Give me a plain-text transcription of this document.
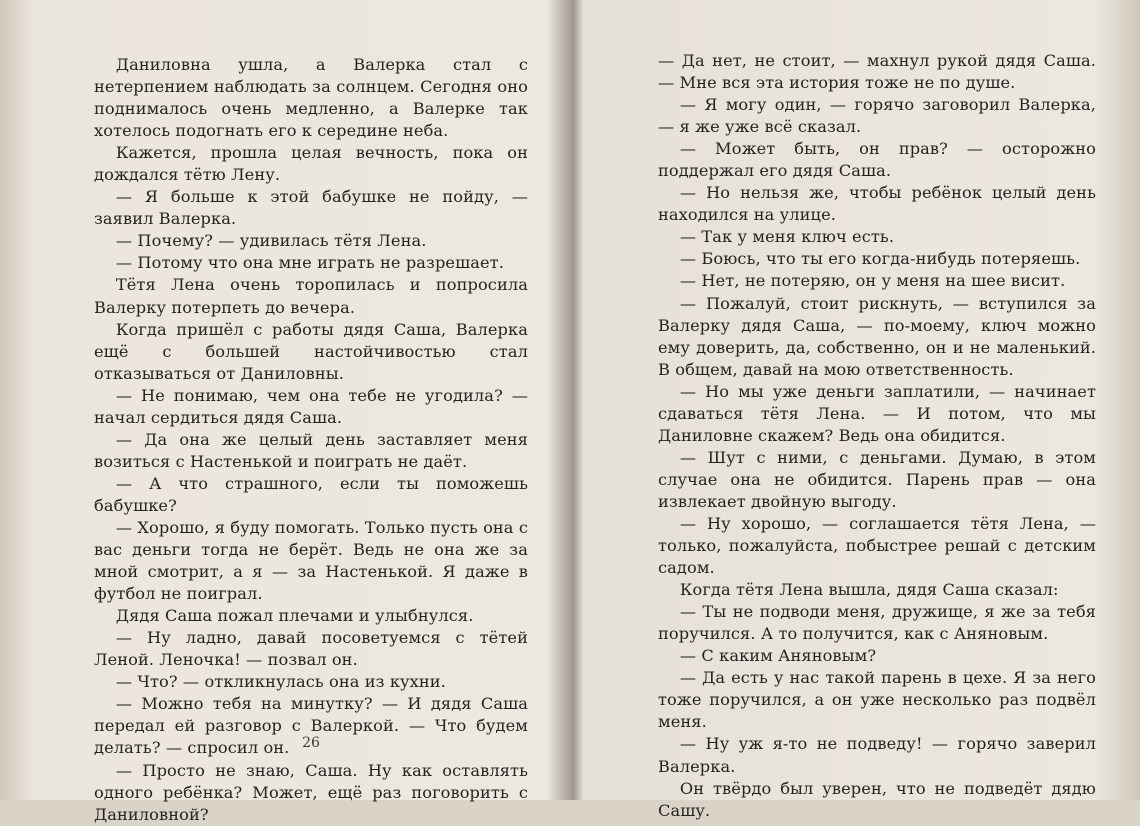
Даниловна ушла, а Валерка стал с нетерпением наблюдать за солнцем. Сегодня оно поднималось очень медленно, а Валерке так хотелось подогнать его к середине неба.

Кажется, прошла целая вечность, пока он дождался тётю Лену.

— Я больше к этой бабушке не пойду, — заявил Валерка.

— Почему? — удивилась тётя Лена.

— Потому что она мне играть не разрешает.

Тётя Лена очень торопилась и попросила Валерку потерпеть до вечера.

Когда пришёл с работы дядя Саша, Валерка ещё с большей настойчивостью стал отказываться от Даниловны.

— Не понимаю, чем она тебе не угодила? — начал сердиться дядя Саша.

— Да она же целый день заставляет меня возиться с Настенькой и поиграть не даёт.

— А что страшного, если ты поможешь бабушке?

— Хорошо, я буду помогать. Только пусть она с вас деньги тогда не берёт. Ведь не она же за мной смотрит, а я — за Настенькой. Я даже в футбол не поиграл.

Дядя Саша пожал плечами и улыбнулся.

— Ну ладно, давай посоветуемся с тётей Леной. Леночка! — позвал он.

— Что? — откликнулась она из кухни.

— Можно тебя на минутку? — И дядя Саша передал ей разговор с Валеркой. — Что будем делать? — спросил он.

— Просто не знаю, Саша. Ну как оставлять одного ребёнка? Может, ещё раз поговорить с Даниловной?

26

— Да нет, не стоит, — махнул рукой дядя Саша. — Мне вся эта история тоже не по душе.

— Я могу один, — горячо заговорил Валерка, — я же уже всё сказал.

— Может быть, он прав? — осторожно поддержал его дядя Саша.

— Но нельзя же, чтобы ребёнок целый день находился на улице.

— Так у меня ключ есть.

— Боюсь, что ты его когда-нибудь потеряешь.

— Нет, не потеряю, он у меня на шее висит.

— Пожалуй, стоит рискнуть, — вступился за Валерку дядя Саша, — по-моему, ключ можно ему доверить, да, собственно, он и не маленький. В общем, давай на мою ответственность.

— Но мы уже деньги заплатили, — начинает сдаваться тётя Лена. — И потом, что мы Даниловне скажем? Ведь она обидится.

— Шут с ними, с деньгами. Думаю, в этом случае она не обидится. Парень прав — она извлекает двойную выгоду.

— Ну хорошо, — соглашается тётя Лена, — только, пожалуйста, побыстрее решай с детским садом.

Когда тётя Лена вышла, дядя Саша сказал:

— Ты не подводи меня, дружище, я же за тебя поручился. А то получится, как с Аняновым.

— С каким Аняновым?

— Да есть у нас такой парень в цехе. Я за него тоже поручился, а он уже несколько раз подвёл меня.

— Ну уж я-то не подведу! — горячо заверил Валерка.

Он твёрдо был уверен, что не подведёт дядю Сашу.
